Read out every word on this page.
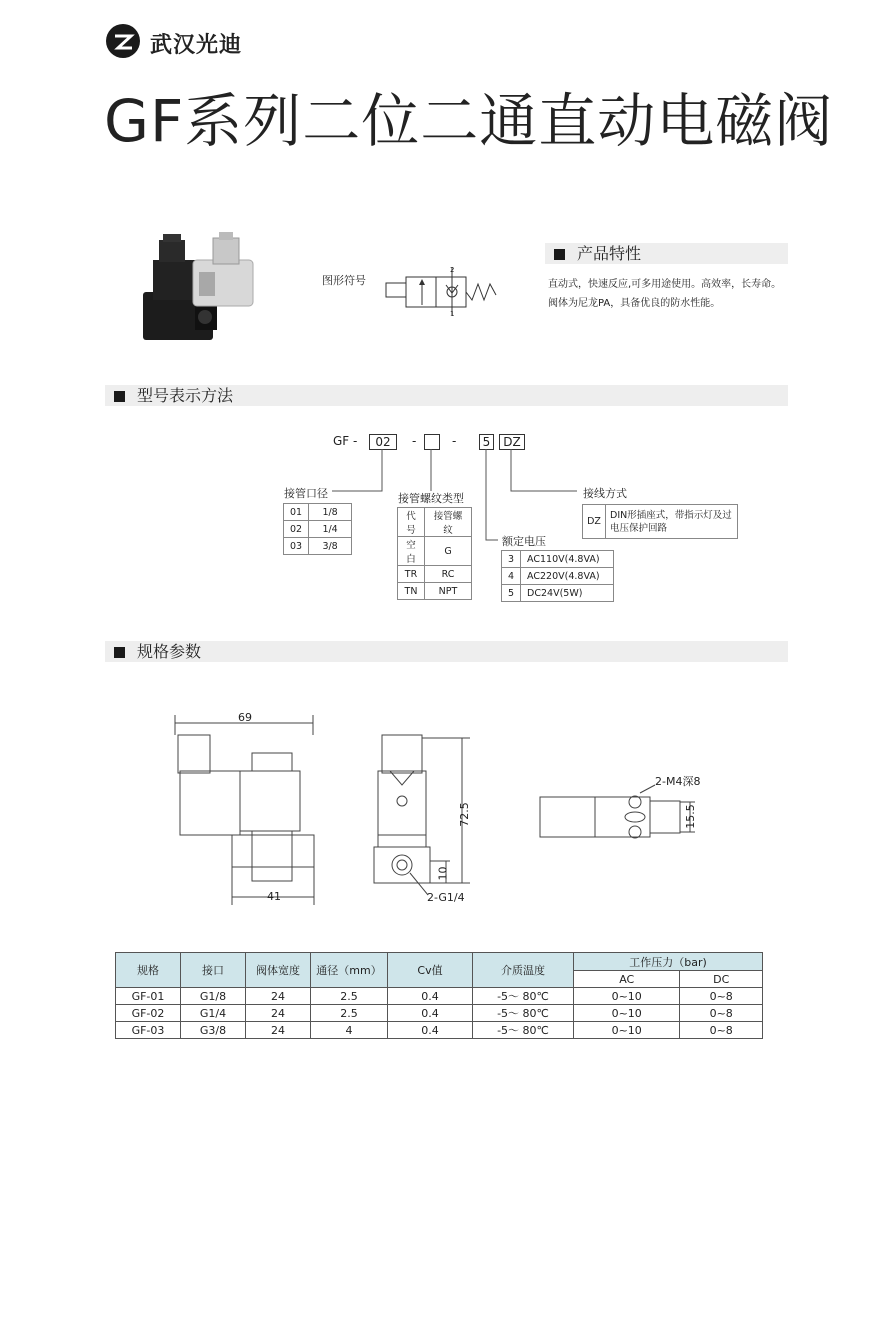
武汉光迪
GF系列二位二通直动电磁阀
图形符号
2
1
产品特性
直动式，快速反应,可多用途使用。高效率，长寿命。
阀体为尼龙PA，具备优良的防水性能。
型号表示方法
GF -	02	-	-	5	DZ
接管口径
01	1/8
02	1/4
03	3/8
接管螺纹类型
代号	接管螺纹
空白	G
TR	RC
TN	NPT
额定电压
3	AC110V(4.8VA)
4	AC220V(4.8VA)
5	DC24V(5W)
接线方式
DZ
DIN形插座式，带指示灯及过
电压保护回路
规格参数
69
41
72.5
10
2-G1/4
2-M4深8
15.5
规格	接口	阀体宽度	通径（mm）	Cv值	介质温度	工作压力（bar)	
						AC	DC
GF-01	G1/8	24	2.5	0.4	-5～ 80℃	0~10	0~8
GF-02	G1/4	24	2.5	0.4	-5～ 80℃	0~10	0~8
GF-03	G3/8	24	4	0.4	-5～ 80℃	0~10	0~8
